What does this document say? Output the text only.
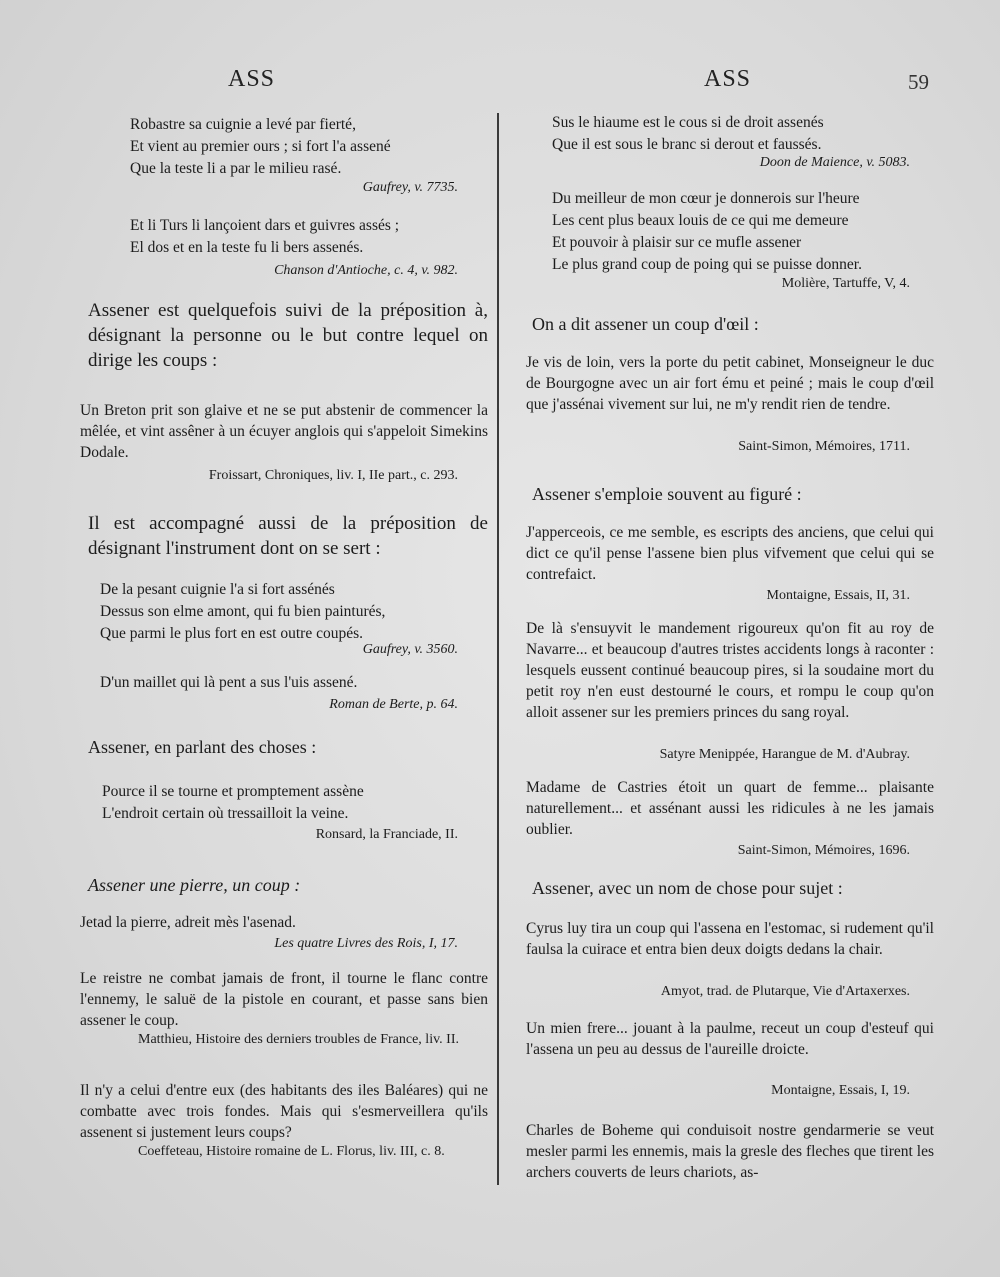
ASS	ASS	59
Robastre sa cuignie a levé par fierté,
Et vient au premier ours ; si fort l'a assené
Que la teste li a par le milieu rasé.
Gaufrey, v. 7735.
Et li Turs li lançoient dars et guivres assés ;
El dos et en la teste fu li bers assenés.
Chanson d'Antioche, c. 4, v. 982.
Assener est quelquefois suivi de la préposition à, désignant la personne ou le but contre lequel on dirige les coups :
Un Breton prit son glaive et ne se put abstenir de commencer la mêlée, et vint assêner à un écuyer anglois qui s'appeloit Simekins Dodale.
Froissart, Chroniques, liv. I, IIe part., c. 293.
Il est accompagné aussi de la préposition de désignant l'instrument dont on se sert :
De la pesant cuignie l'a si fort assénés
Dessus son elme amont, qui fu bien painturés,
Que parmi le plus fort en est outre coupés.
Gaufrey, v. 3560.
D'un maillet qui là pent a sus l'uis assené.
Roman de Berte, p. 64.
Assener, en parlant des choses :
Pource il se tourne et promptement assène
L'endroit certain où tressailloit la veine.
Ronsard, la Franciade, II.
Assener une pierre, un coup :
Jetad la pierre, adreit mès l'asenad.
Les quatre Livres des Rois, I, 17.
Le reistre ne combat jamais de front, il tourne le flanc contre l'ennemy, le saluë de la pistole en courant, et passe sans bien assener le coup.
Matthieu, Histoire des derniers troubles de France, liv. II.
Il n'y a celui d'entre eux (des habitants des iles Baléares) qui ne combatte avec trois fondes. Mais qui s'esmerveillera qu'ils assenent si justement leurs coups?
Coeffeteau, Histoire romaine de L. Florus, liv. III, c. 8.
Sus le hiaume est le cous si de droit assenés
Que il est sous le branc si derout et faussés.
Doon de Maience, v. 5083.
Du meilleur de mon cœur je donnerois sur l'heure
Les cent plus beaux louis de ce qui me demeure
Et pouvoir à plaisir sur ce mufle assener
Le plus grand coup de poing qui se puisse donner.
Molière, Tartuffe, V, 4.
On a dit assener un coup d'œil :
Je vis de loin, vers la porte du petit cabinet, Monseigneur le duc de Bourgogne avec un air fort ému et peiné ; mais le coup d'œil que j'assénai vivement sur lui, ne m'y rendit rien de tendre.
Saint-Simon, Mémoires, 1711.
Assener s'emploie souvent au figuré :
J'apperceois, ce me semble, es escripts des anciens, que celui qui dict ce qu'il pense l'assene bien plus vifvement que celui qui se contrefaict.
Montaigne, Essais, II, 31.
De là s'ensuyvit le mandement rigoureux qu'on fit au roy de Navarre... et beaucoup d'autres tristes accidents longs à raconter : lesquels eussent continué beaucoup pires, si la soudaine mort du petit roy n'en eust destourné le cours, et rompu le coup qu'on alloit assener sur les premiers princes du sang royal.
Satyre Menippée, Harangue de M. d'Aubray.
Madame de Castries étoit un quart de femme... plaisante naturellement... et assénant aussi les ridicules à ne les jamais oublier.
Saint-Simon, Mémoires, 1696.
Assener, avec un nom de chose pour sujet :
Cyrus luy tira un coup qui l'assena en l'estomac, si rudement qu'il faulsa la cuirace et entra bien deux doigts dedans la chair.
Amyot, trad. de Plutarque, Vie d'Artaxerxes.
Un mien frere... jouant à la paulme, receut un coup d'esteuf qui l'assena un peu au dessus de l'aureille droicte.
Montaigne, Essais, I, 19.
Charles de Boheme qui conduisoit nostre gendarmerie se veut mesler parmi les ennemis, mais la gresle des fleches que tirent les archers couverts de leurs chariots, as-
